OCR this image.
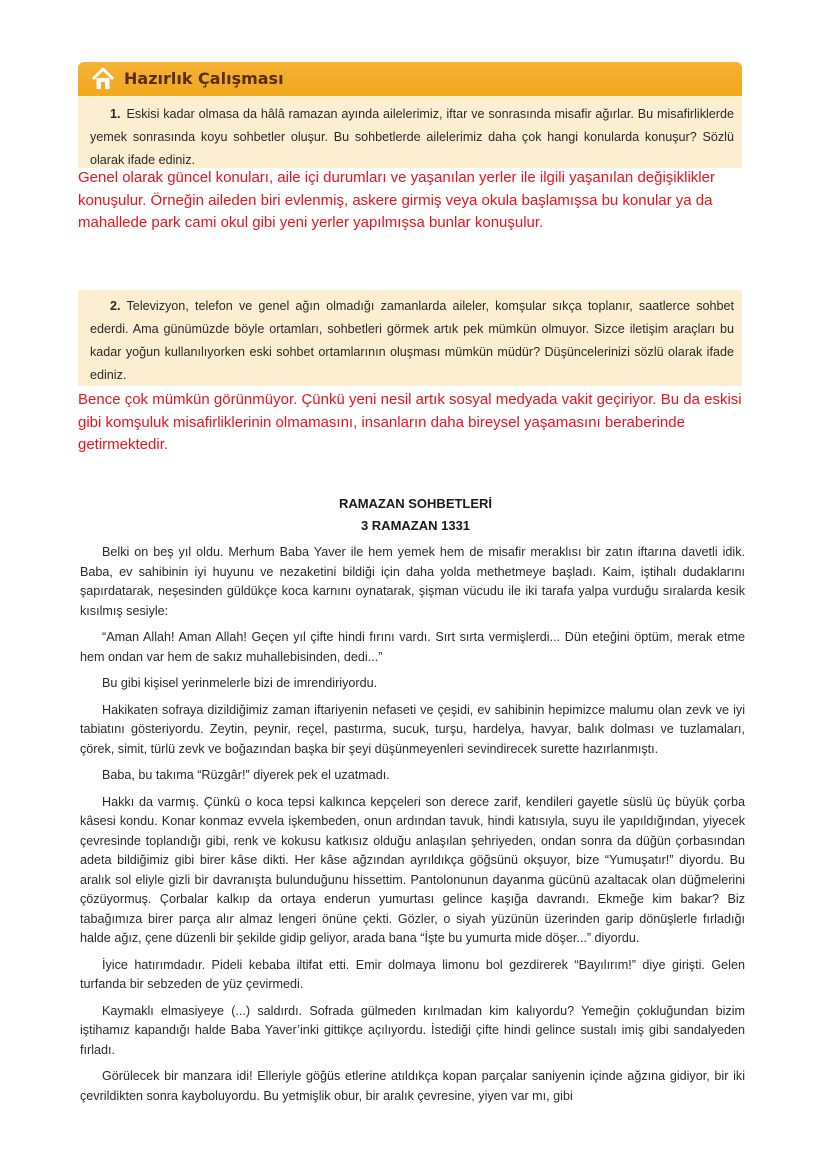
Hazırlık Çalışması
1. Eskisi kadar olmasa da hâlâ ramazan ayında ailelerimiz, iftar ve sonrasında misafir ağırlar. Bu misafirliklerde yemek sonrasında koyu sohbetler oluşur. Bu sohbetlerde ailelerimiz daha çok hangi konularda konuşur? Sözlü olarak ifade ediniz.
Genel olarak güncel konuları, aile içi durumları ve yaşanılan yerler ile ilgili yaşanılan değişiklikler konuşulur. Örneğin aileden biri evlenmiş, askere girmiş veya okula başlamışsa bu konular ya da mahallede park cami okul gibi yeni yerler yapılmışsa bunlar konuşulur.
2. Televizyon, telefon ve genel ağın olmadığı zamanlarda aileler, komşular sıkça toplanır, saatlerce sohbet ederdi. Ama günümüzde böyle ortamları, sohbetleri görmek artık pek mümkün olmuyor. Sizce iletişim araçları bu kadar yoğun kullanılıyorken eski sohbet ortamlarının oluşması mümkün müdür? Düşüncelerinizi sözlü olarak ifade ediniz.
Bence çok mümkün görünmüyor. Çünkü yeni nesil artık sosyal medyada vakit geçiriyor. Bu da eskisi gibi komşuluk misafirliklerinin olmamasını, insanların daha bireysel yaşamasını beraberinde getirmektedir.
RAMAZAN SOHBETLERİ
3 RAMAZAN 1331

Belki on beş yıl oldu. Merhum Baba Yaver ile hem yemek hem de misafir meraklısı bir zatın iftarına davetli idik. Baba, ev sahibinin iyi huyunu ve nezaketini bildiği için daha yolda methetmeye başladı. Kaim, iştihalı dudaklarını şapırdatarak, neşesinden güldükçe koca karnını oynatarak, şişman vücudu ile iki tarafa yalpa vurduğu sıralarda kesik kısılmış sesiyle:

“Aman Allah! Aman Allah! Geçen yıl çifte hindi fırını vardı. Sırt sırta vermişlerdi... Dün eteğini öptüm, merak etme hem ondan var hem de sakız muhallebisinden, dedi...”

Bu gibi kişisel yerinmelerle bizi de imrendiriyordu.

Hakikaten sofraya dizildiğimiz zaman iftariyenin nefaseti ve çeşidi, ev sahibinin hepimizce malumu olan zevk ve iyi tabiatını gösteriyordu. Zeytin, peynir, reçel, pastırma, sucuk, turşu, hardelya, havyar, balık dolması ve tuzlamaları, çörek, simit, türlü zevk ve boğazından başka bir şeyi düşünmeyenleri sevindirecek surette hazırlanmıştı.

Baba, bu takıma “Rüzgâr!” diyerek pek el uzatmadı.

Hakkı da varmış. Çünkü o koca tepsi kalkınca kepçeleri son derece zarif, kendileri gayetle süslü üç büyük çorba kâsesi kondu. Konar konmaz evvela işkembeden, onun ardından tavuk, hindi katısıyla, suyu ile yapıldığından, yiyecek çevresinde toplandığı gibi, renk ve kokusu katkısız olduğu anlaşılan şehriyeden, ondan sonra da düğün çorbasından adeta bildiğimiz gibi birer kâse dikti. Her kâse ağzından ayrıldıkça göğsünü okşuyor, bize “Yumuşatır!” diyordu. Bu aralık sol eliyle gizli bir davranışta bulunduğunu hissettim. Pantolonunun dayanma gücünü azaltacak olan düğmelerini çözüyormuş. Çorbalar kalkıp da ortaya enderun yumurtası gelince kaşığa davrandı. Ekmeğe kim bakar? Biz tabağımıza birer parça alır almaz lengeri önüne çekti. Gözler, o siyah yüzünün üzerinden garip dönüşlerle fırladığı halde ağız, çene düzenli bir şekilde gidip geliyor, arada bana “İşte bu yumurta mide döşer...” diyordu.

İyice hatırımdadır. Pideli kebaba iltifat etti. Emir dolmaya limonu bol gezdirerek “Bayılırım!” diye girişti. Gelen turfanda bir sebzeden de yüz çevirmedi.

Kaymaklı elmasiyeye (...) saldırdı. Sofrada gülmeden kırılmadan kim kalıyordu? Yemeğin çokluğundan bizim iştihamız kapandığı halde Baba Yaver’inki gittikçe açılıyordu. İstediği çifte hindi gelince sustalı imiş gibi sandalyeden fırladı.

Görülecek bir manzara idi! Elleriyle göğüs etlerine atıldıkça kopan parçalar saniyenin içinde ağzına gidiyor, bir iki çevrildikten sonra kayboluyordu. Bu yetmişlik obur, bir aralık çevresine, yiyen var mı, gibi
